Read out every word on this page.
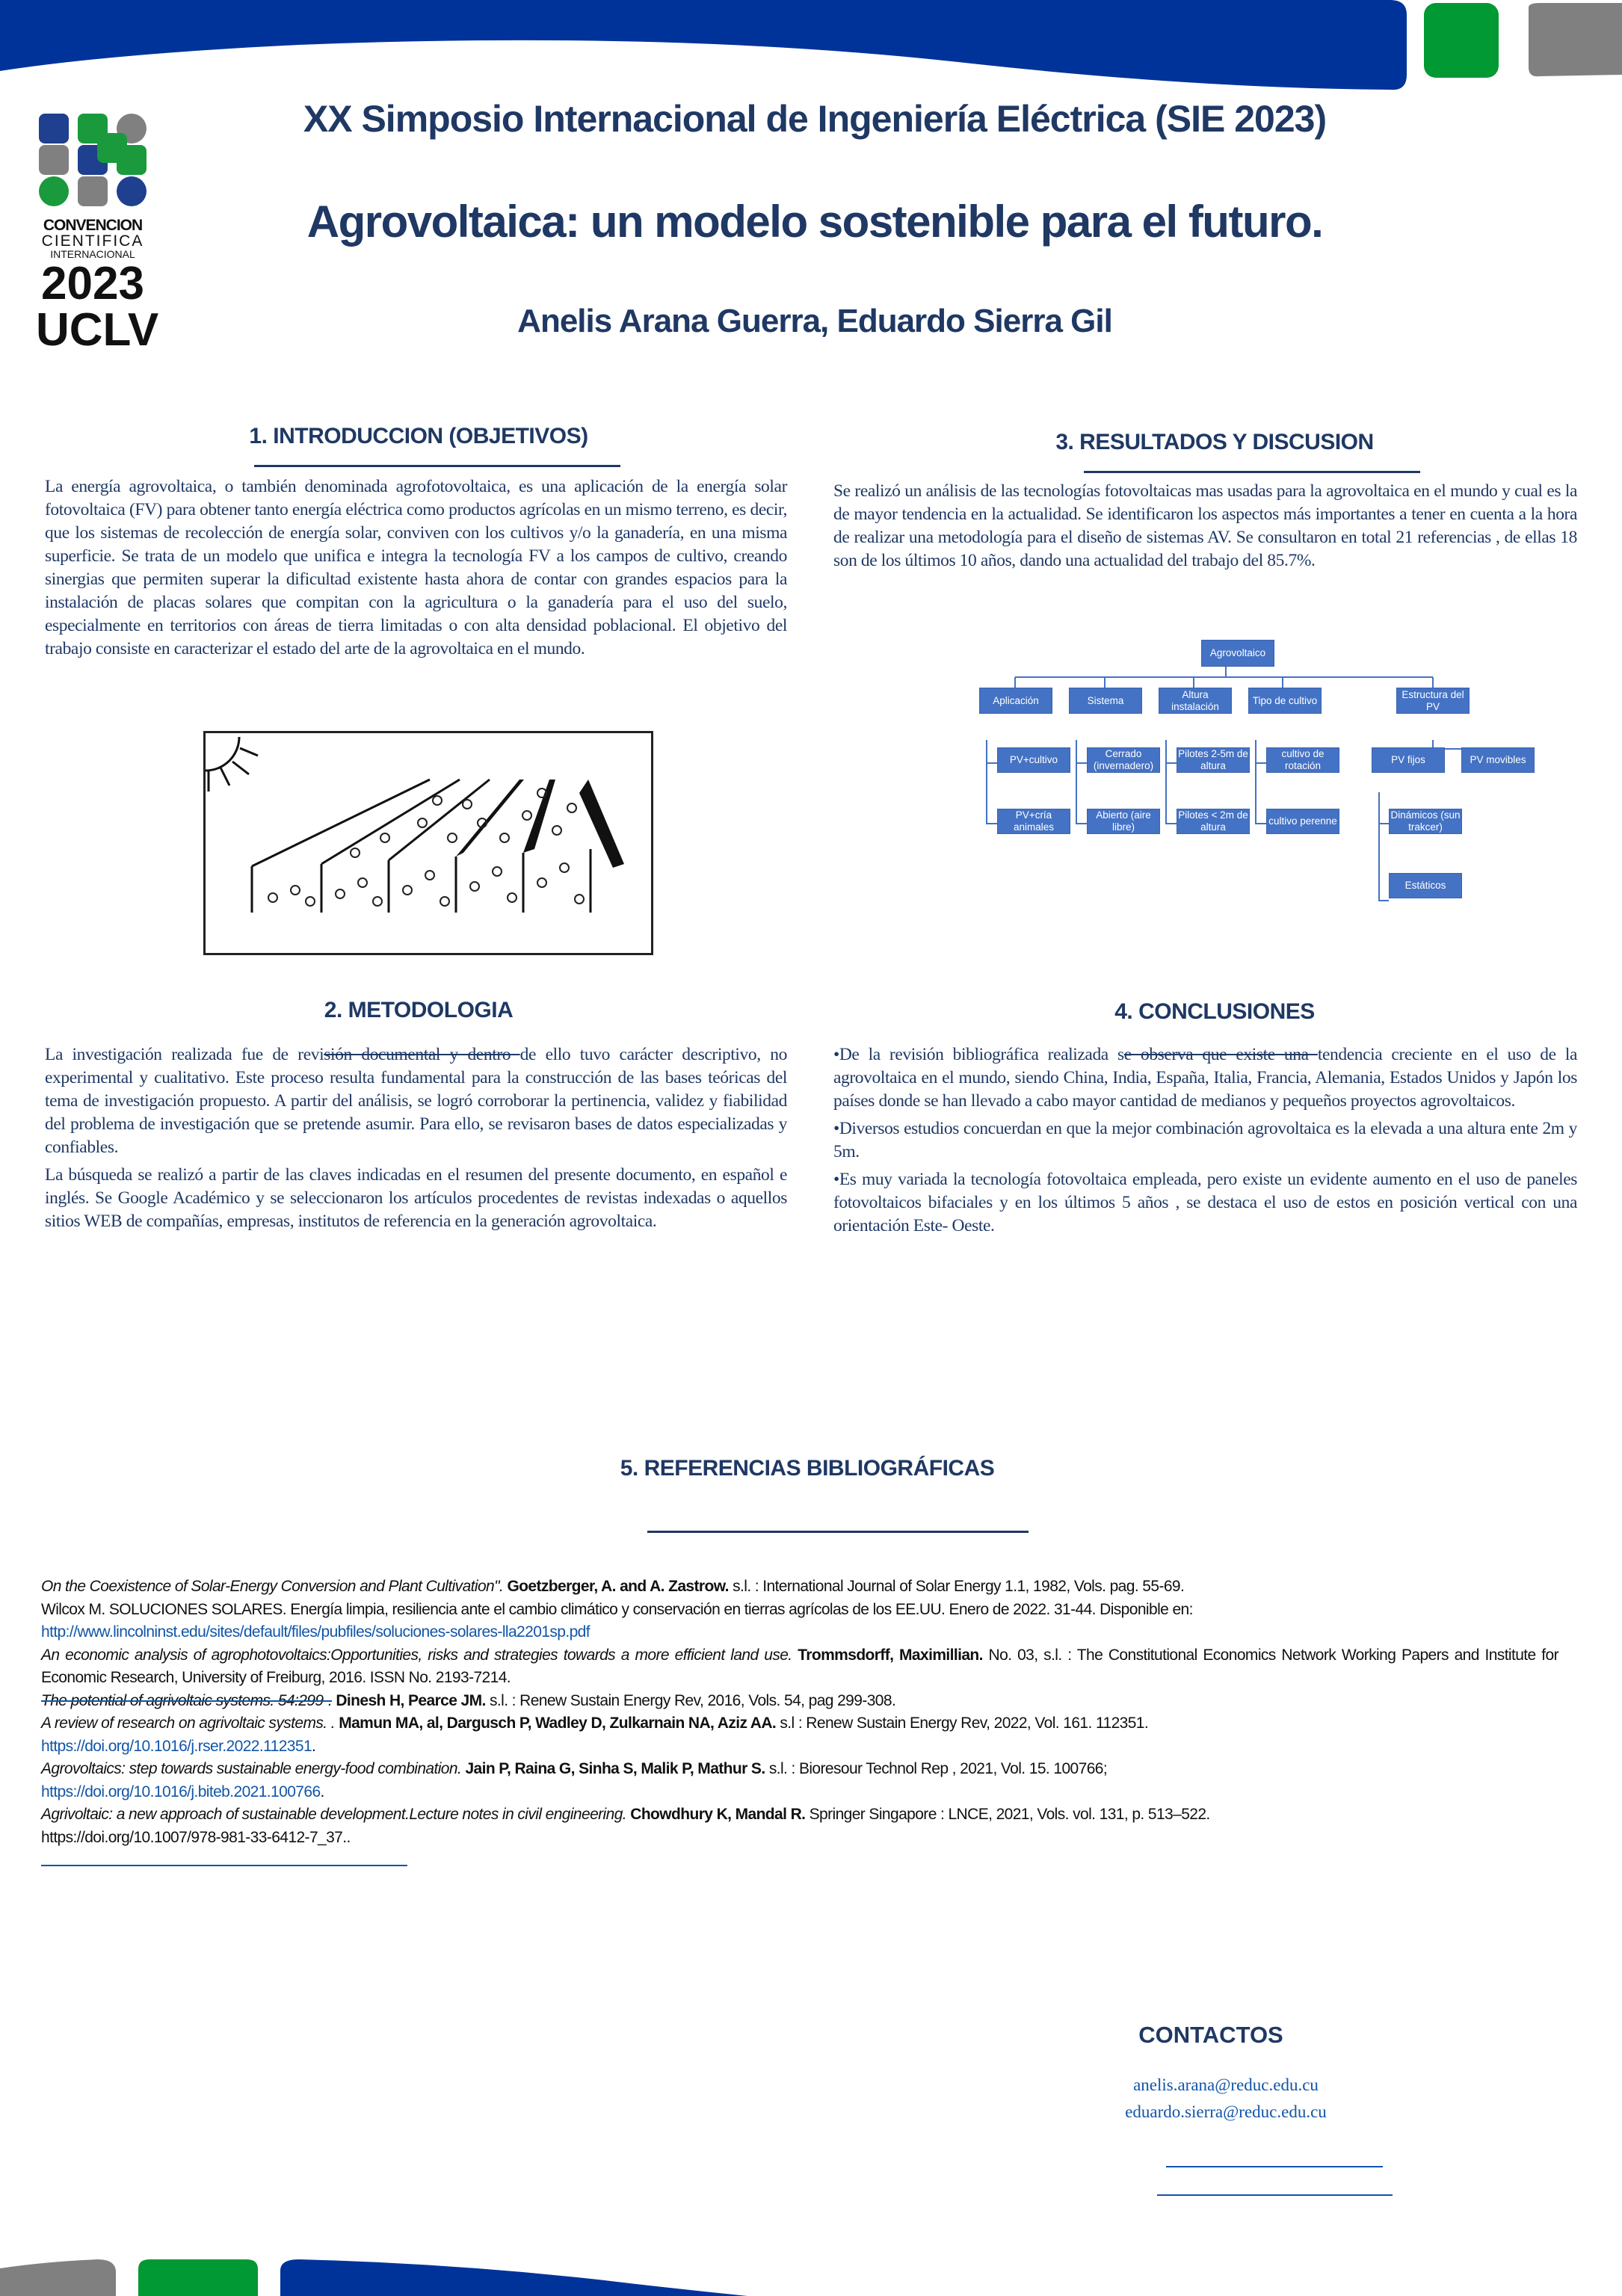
CONVENCION
CIENTIFICA
INTERNACIONAL
2023
UCLV
XX Simposio Internacional de Ingeniería Eléctrica (SIE 2023)
Agrovoltaica: un modelo sostenible para el futuro.
Anelis Arana Guerra, Eduardo Sierra Gil
1. INTRODUCCION (OBJETIVOS)
La energía agrovoltaica, o también denominada agrofotovoltaica, es una aplicación de la energía solar fotovoltaica (FV) para obtener tanto energía eléctrica como productos agrícolas en un mismo terreno, es decir, que los sistemas de recolección de energía solar, conviven con los cultivos y/o la ganadería, en una misma superficie. Se trata de un modelo que unifica e integra la tecnología FV a los campos de cultivo, creando sinergias que permiten superar la dificultad existente hasta ahora de contar con grandes espacios para la instalación de placas solares que compitan con la agricultura o la ganadería para el uso del suelo, especialmente en territorios con áreas de tierra limitadas o con alta densidad poblacional. El objetivo del trabajo consiste en caracterizar el estado del arte de la agrovoltaica en el mundo.
3. RESULTADOS Y DISCUSION
Se realizó un análisis de las tecnologías fotovoltaicas mas usadas para la agrovoltaica en el mundo y cual es la de mayor tendencia en la actualidad. Se identificaron los aspectos más importantes a tener en cuenta a la hora de realizar una metodología para el diseño de sistemas AV. Se consultaron en total 21 referencias , de ellas 18 son de los últimos 10 años, dando una actualidad del trabajo del 85.7%.
Agrovoltaico
Aplicación	Sistema
Altura instalación
Tipo de cultivo
Estructura del PV
PV+cultivo
PV+cría animales
Cerrado (invernadero)
Abierto (aire libre)
Pilotes 2-5m de altura
Pilotes < 2m de altura
cultivo de rotación
cultivo perenne
PV fijos	PV movibles
Dinámicos (sun trakcer)
Estáticos
2. METODOLOGIA

La investigación realizada fue de revisión documental y dentro de ello tuvo carácter descriptivo, no experimental y cualitativo. Este proceso resulta fundamental para la construcción de las bases teóricas del tema de investigación propuesto. A partir del análisis, se logró corroborar la pertinencia, validez y fiabilidad del problema de investigación que se pretende asumir. Para ello, se revisaron bases de datos especializadas y confiables.

La búsqueda se realizó a partir de las claves indicadas en el resumen del presente documento, en español e inglés. Se Google Académico y se seleccionaron los artículos procedentes de revistas indexadas o aquellos sitios WEB de compañías, empresas, institutos de referencia en la generación agrovoltaica.

4. CONCLUSIONES

•De la revisión bibliográfica realizada se observa que existe una tendencia creciente en el uso de la agrovoltaica en el mundo, siendo China, India, España, Italia, Francia, Alemania, Estados Unidos y Japón los países donde se han llevado a cabo mayor cantidad de medianos y pequeños proyectos agrovoltaicos.

•Diversos estudios concuerdan en que la mejor combinación agrovoltaica es la elevada a una altura ente 2m y 5m.

•Es muy variada la tecnología fotovoltaica empleada, pero existe un evidente aumento en el uso de paneles fotovoltaicos bifaciales y en los últimos 5 años , se destaca el uso de estos en posición vertical con una orientación Este- Oeste.

5. REFERENCIAS BIBLIOGRÁFICAS

On the Coexistence of Solar-Energy Conversion and Plant Cultivation". Goetzberger, A. and A. Zastrow. s.l. : International Journal of Solar Energy 1.1, 1982, Vols. pag. 55-69.

Wilcox M. SOLUCIONES SOLARES. Energía limpia, resiliencia ante el cambio climático y conservación en tierras agrícolas de los EE.UU. Enero de 2022. 31-44. Disponible en:
http://www.lincolninst.edu/sites/default/files/pubfiles/soluciones-solares-lla2201sp.pdf

An economic analysis of agrophotovoltaics:Opportunities, risks and strategies towards a more efficient land use. Trommsdorff, Maximillian. No. 03, s.l. : The Constitutional Economics Network Working Papers and Institute for Economic Research, University of Freiburg, 2016. ISSN No. 2193-7214.

The potential of agrivoltaic systems. 54:299-. Dinesh H, Pearce JM. s.l. : Renew Sustain Energy Rev, 2016, Vols. 54, pag 299-308.

A review of research on agrivoltaic systems. . Mamun MA, al, Dargusch P, Wadley D, Zulkarnain NA, Aziz AA. s.l : Renew Sustain Energy Rev, 2022, Vol. 161. 112351.
https://doi.org/10.1016/j.rser.2022.112351.

Agrovoltaics: step towards sustainable energy-food combination. Jain P, Raina G, Sinha S, Malik P, Mathur S. s.l. : Bioresour Technol Rep , 2021, Vol. 15. 100766;
https://doi.org/10.1016/j.biteb.2021.100766.

Agrivoltaic: a new approach of sustainable development.Lecture notes in civil engineering. Chowdhury K, Mandal R. Springer Singapore : LNCE, 2021, Vols. vol. 131, p. 513–522.
https://doi.org/10.1007/978-981-33-6412-7_37..

CONTACTOS
anelis.arana@reduc.edu.cu
eduardo.sierra@reduc.edu.cu
